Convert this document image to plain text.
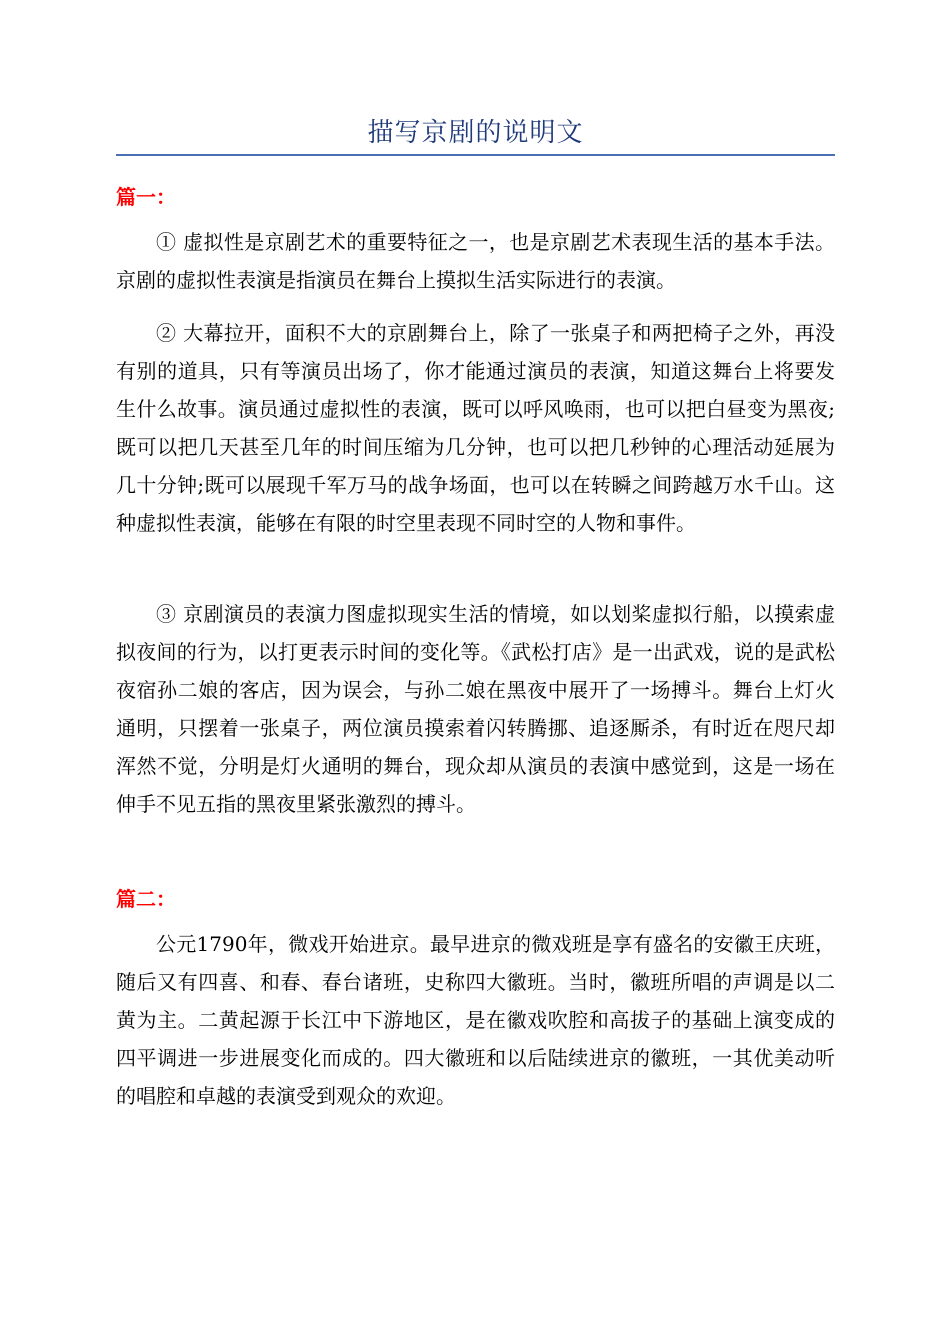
描写京剧的说明文
篇一：

① 虚拟性是京剧艺术的重要特征之一，也是京剧艺术表现生活的基本手法。京剧的虚拟性表演是指演员在舞台上摸拟生活实际进行的表演。

② 大幕拉开，面积不大的京剧舞台上，除了一张桌子和两把椅子之外，再没有别的道具，只有等演员出场了，你才能通过演员的表演，知道这舞台上将要发生什么故事。演员通过虚拟性的表演，既可以呼风唤雨，也可以把白昼变为黑夜;既可以把几天甚至几年的时间压缩为几分钟，也可以把几秒钟的心理活动延展为几十分钟;既可以展现千军万马的战争场面，也可以在转瞬之间跨越万水千山。这种虚拟性表演，能够在有限的时空里表现不同时空的人物和事件。

③ 京剧演员的表演力图虚拟现实生活的情境，如以划桨虚拟行船，以摸索虚拟夜间的行为，以打更表示时间的变化等。《武松打店》是一出武戏，说的是武松夜宿孙二娘的客店，因为误会，与孙二娘在黑夜中展开了一场搏斗。舞台上灯火通明，只摆着一张桌子，两位演员摸索着闪转腾挪、追逐厮杀，有时近在咫尺却浑然不觉，分明是灯火通明的舞台，现众却从演员的表演中感觉到，这是一场在伸手不见五指的黑夜里紧张激烈的搏斗。

篇二：

公元1790年，微戏开始进京。最早进京的微戏班是享有盛名的安徽王庆班，随后又有四喜、和春、春台诸班，史称四大徽班。当时，徽班所唱的声调是以二黄为主。二黄起源于长江中下游地区，是在徽戏吹腔和高拔子的基础上演变成的四平调进一步进展变化而成的。四大徽班和以后陆续进京的徽班，一其优美动听的唱腔和卓越的表演受到观众的欢迎。
